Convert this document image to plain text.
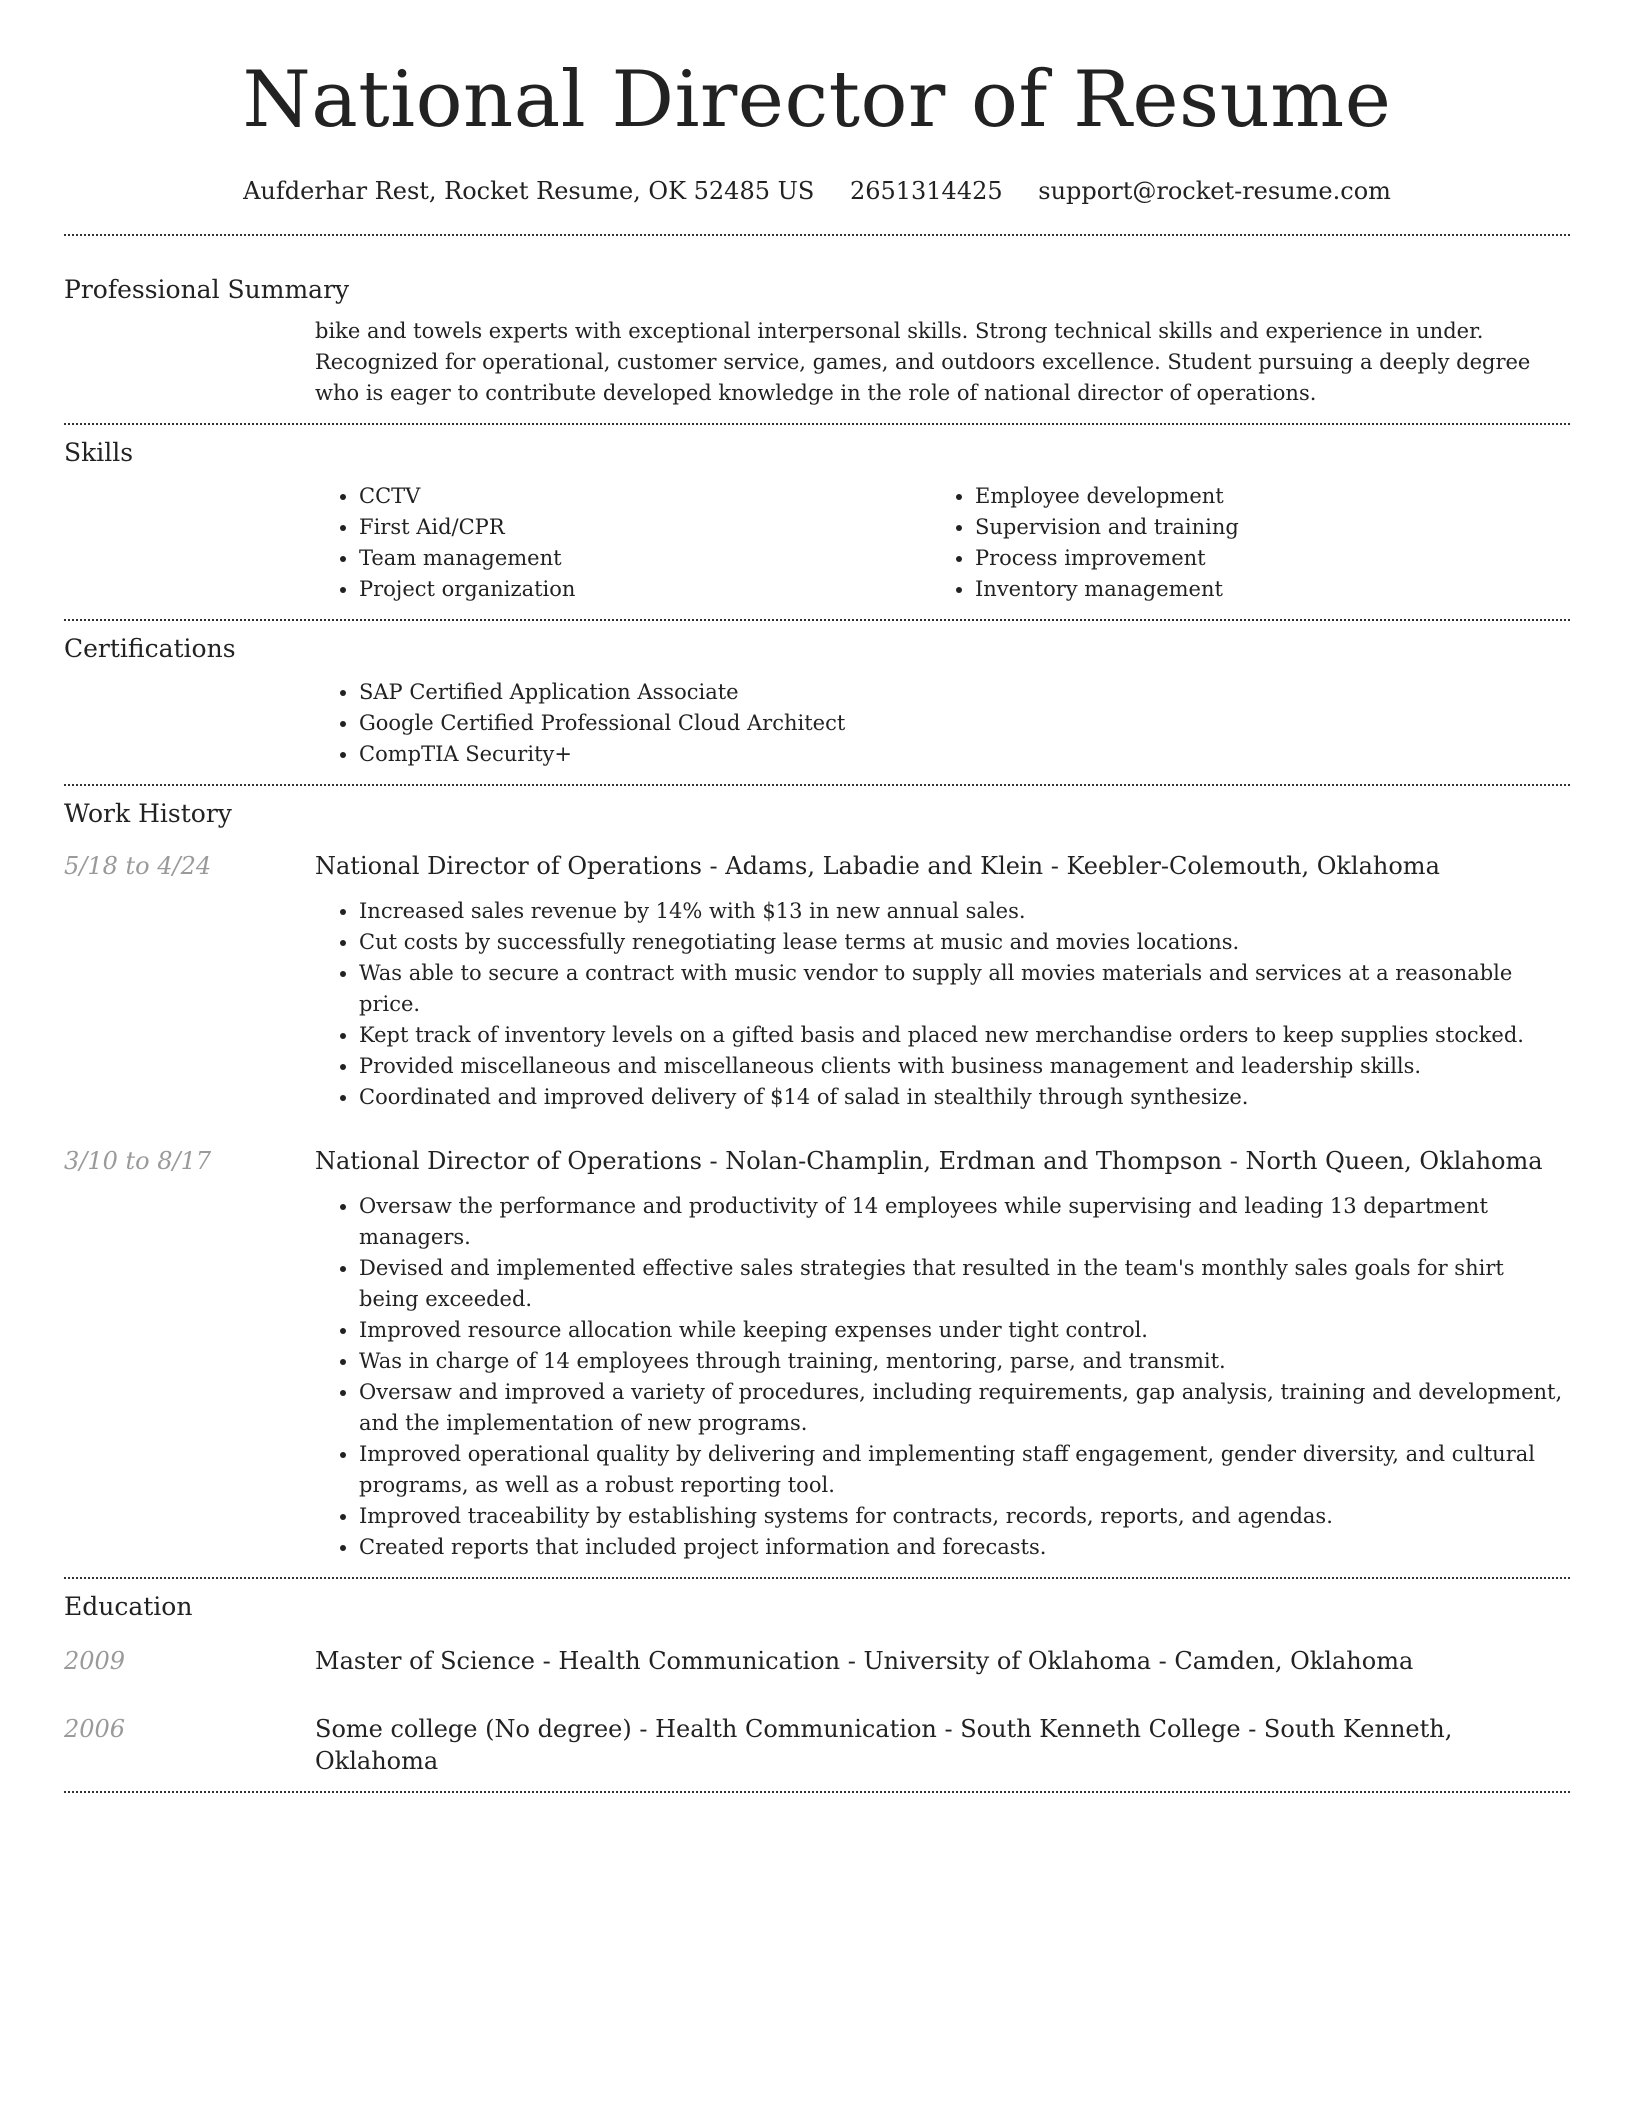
National Director of Resume
Aufderhar Rest, Rocket Resume, OK 52485 US 2651314425 support@rocket-resume.com
Professional Summary
bike and towels experts with exceptional interpersonal skills. Strong technical skills and experience in under. Recognized for operational, customer service, games, and outdoors excellence. Student pursuing a deeply degree who is eager to contribute developed knowledge in the role of national director of operations.
Skills
• CCTV
• First Aid/CPR
• Team management
• Project organization
• Employee development
• Supervision and training
• Process improvement
• Inventory management
Certifications
• SAP Certified Application Associate
• Google Certified Professional Cloud Architect
• CompTIA Security+
Work History
5/18 to 4/24	National Director of Operations - Adams, Labadie and Klein - Keebler-Colemouth, Oklahoma
• Increased sales revenue by 14% with $13 in new annual sales.
• Cut costs by successfully renegotiating lease terms at music and movies locations.
• Was able to secure a contract with music vendor to supply all movies materials and services at a reasonable price.
• Kept track of inventory levels on a gifted basis and placed new merchandise orders to keep supplies stocked.
• Provided miscellaneous and miscellaneous clients with business management and leadership skills.
• Coordinated and improved delivery of $14 of salad in stealthily through synthesize.
3/10 to 8/17	National Director of Operations - Nolan-Champlin, Erdman and Thompson - North Queen, Oklahoma
• Oversaw the performance and productivity of 14 employees while supervising and leading 13 department managers.
• Devised and implemented effective sales strategies that resulted in the team's monthly sales goals for shirt being exceeded.
• Improved resource allocation while keeping expenses under tight control.
• Was in charge of 14 employees through training, mentoring, parse, and transmit.
• Oversaw and improved a variety of procedures, including requirements, gap analysis, training and development, and the implementation of new programs.
• Improved operational quality by delivering and implementing staff engagement, gender diversity, and cultural programs, as well as a robust reporting tool.
• Improved traceability by establishing systems for contracts, records, reports, and agendas.
• Created reports that included project information and forecasts.
Education
2009	Master of Science - Health Communication - University of Oklahoma - Camden, Oklahoma
2006	Some college (No degree) - Health Communication - South Kenneth College - South Kenneth, Oklahoma
